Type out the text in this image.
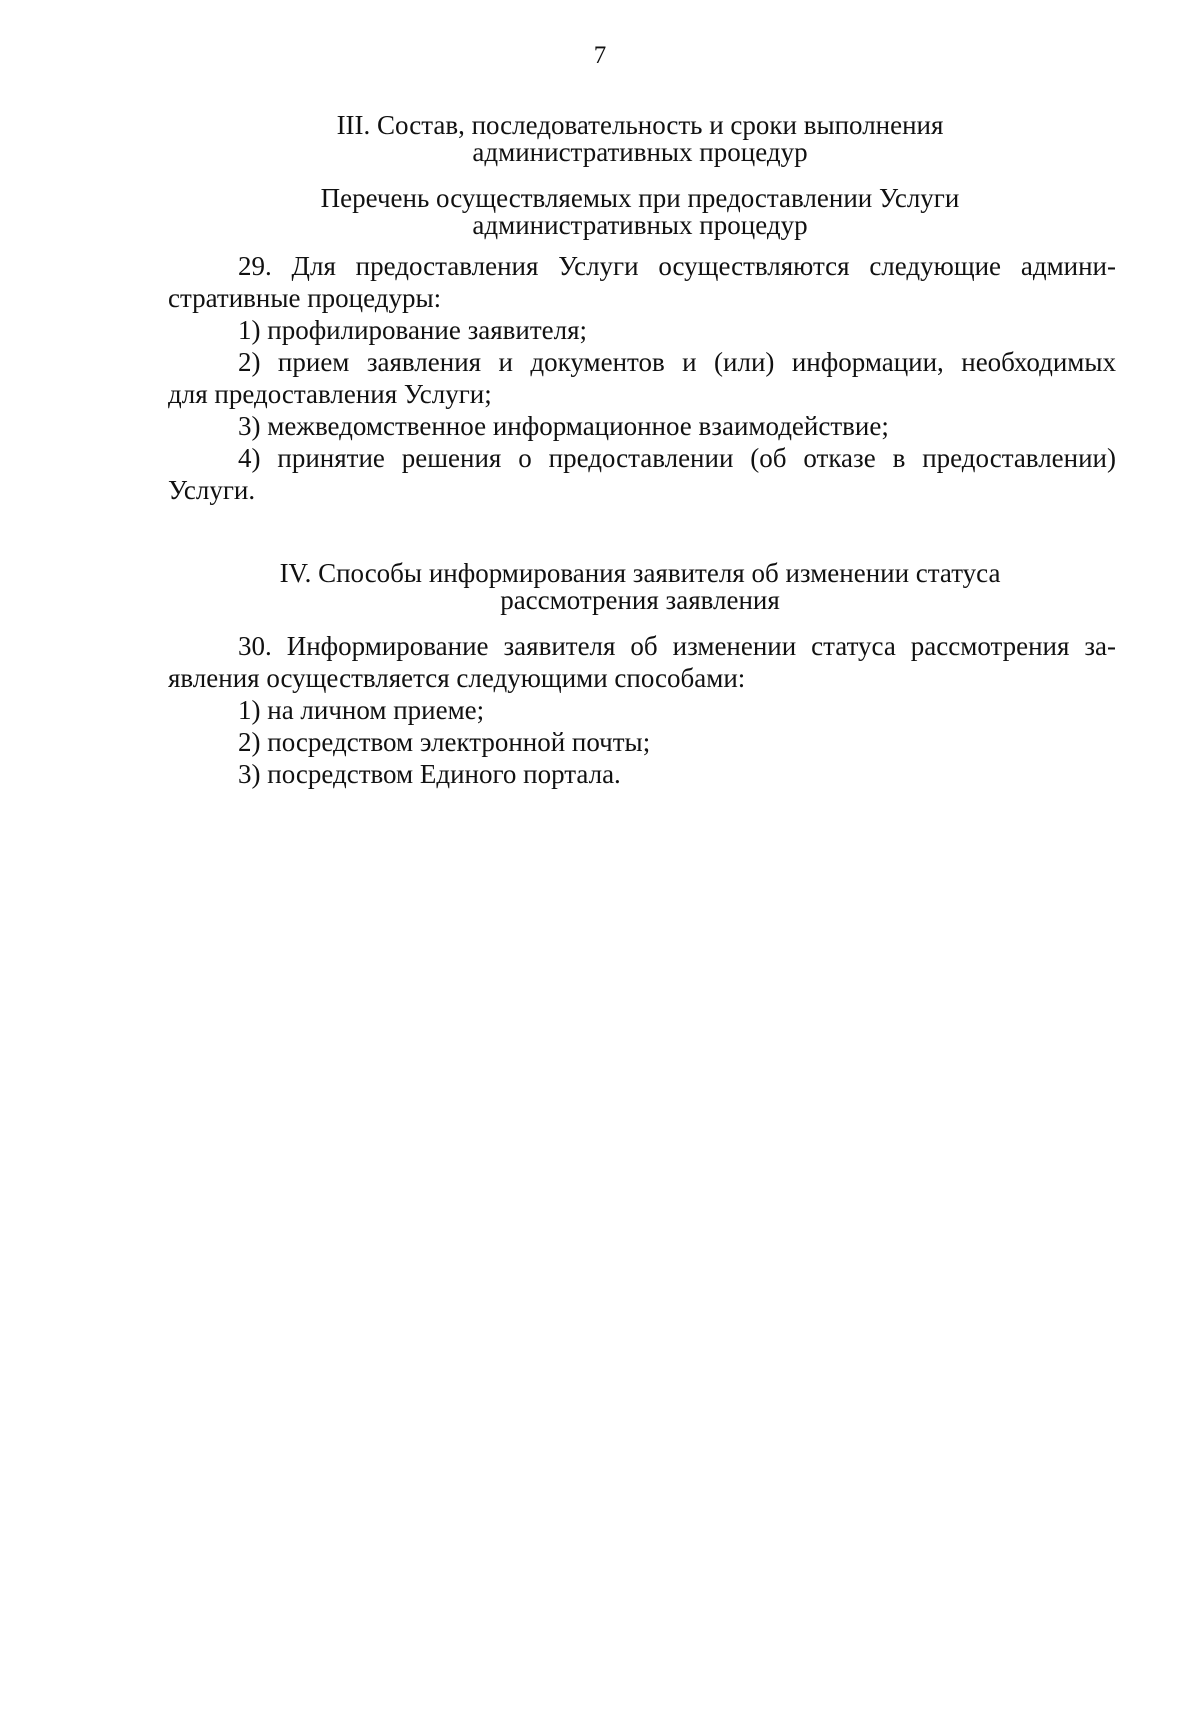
7
III. Состав, последовательность и сроки выполнения
административных процедур
Перечень осуществляемых при предоставлении Услуги
административных процедур
29. Для предоставления Услуги осуществляются следующие админи-
стративные процедуры:
1) профилирование заявителя;
2) прием заявления и документов и (или) информации, необходимых
для предоставления Услуги;
3) межведомственное информационное взаимодействие;
4) принятие решения о предоставлении (об отказе в предоставлении)
Услуги.
IV. Способы информирования заявителя об изменении статуса
рассмотрения заявления
30. Информирование заявителя об изменении статуса рассмотрения за-
явления осуществляется следующими способами:
1) на личном приеме;
2) посредством электронной почты;
3) посредством Единого портала.
